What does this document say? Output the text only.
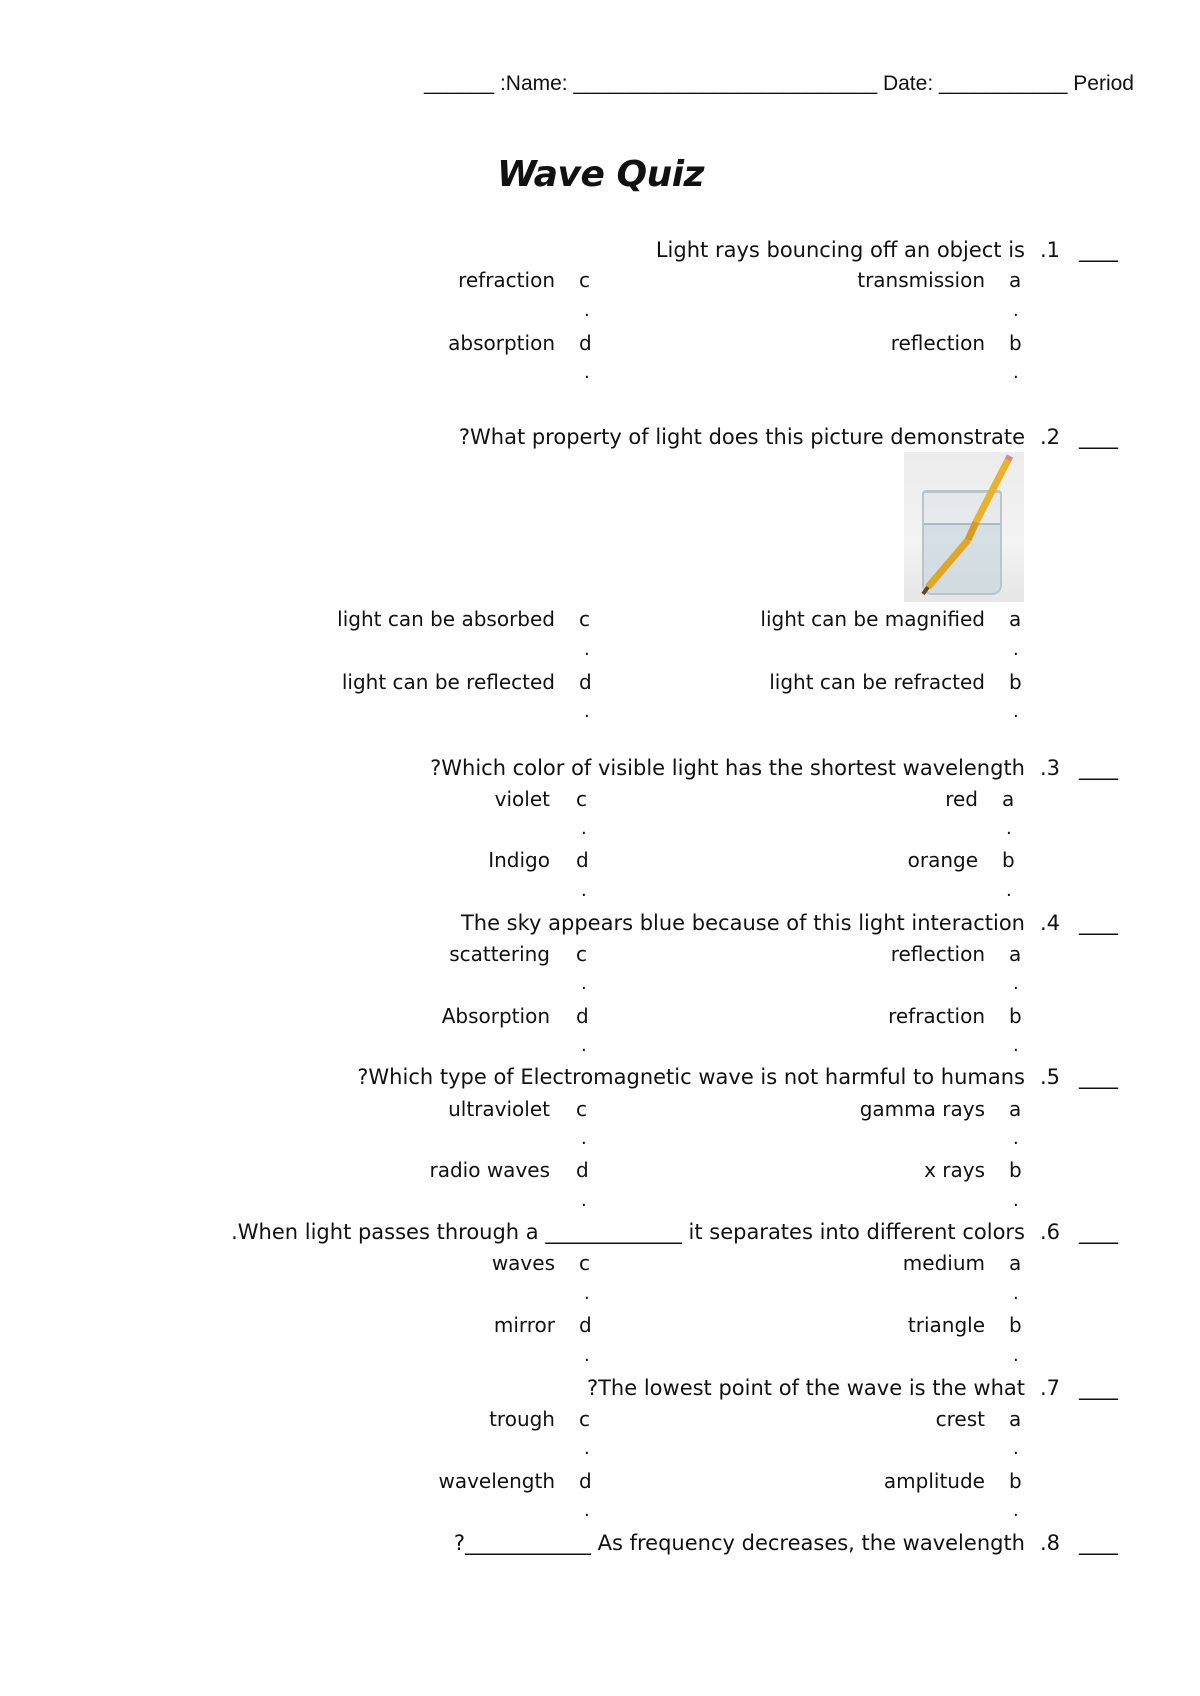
______ :Name: __________________________ Date: ___________ Period
Wave Quiz
Light rays bouncing off an object is .1 ____
refraction c	transmission a
.	.
absorption d	reflection b
.	.
?What property of light does this picture demonstrate .2 ____
light can be absorbed c	light can be magnified a
.	.
light can be reflected d	light can be refracted b
.	.
?Which color of visible light has the shortest wavelength .3 ____
violet c	red a
.	.
Indigo d	orange b
.	.
The sky appears blue because of this light interaction .4 ____
scattering c	reflection a
.	.
Absorption d	refraction b
.	.
?Which type of Electromagnetic wave is not harmful to humans .5 ____
ultraviolet c	gamma rays a
.	.
radio waves d	x rays b
.	.
.When light passes through a _____________ it separates into different colors .6 ____
waves c	medium a
.	.
mirror d	triangle b
.	.
?The lowest point of the wave is the what .7 ____
trough c	crest a
.	.
wavelength d	amplitude b
.	.
?____________ As frequency decreases, the wavelength .8 ____
